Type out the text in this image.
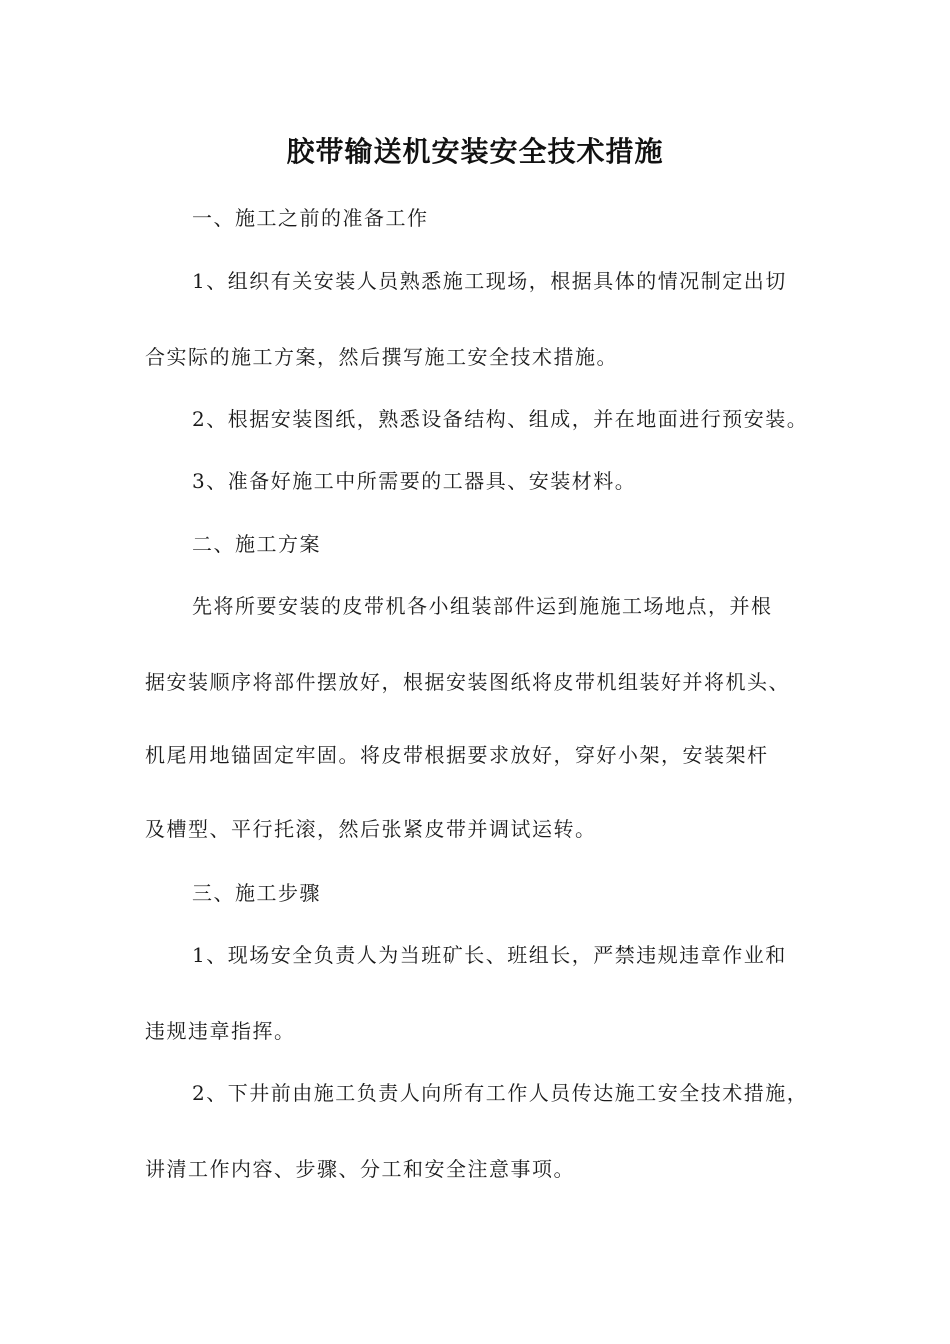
胶带输送机安装安全技术措施
一、施工之前的准备工作
1、组织有关安装人员熟悉施工现场，根据具体的情况制定出切
合实际的施工方案，然后撰写施工安全技术措施。
2、根据安装图纸，熟悉设备结构、组成，并在地面进行预安装。
3、准备好施工中所需要的工器具、安装材料。
二、施工方案
先将所要安装的皮带机各小组装部件运到施施工场地点，并根
据安装顺序将部件摆放好，根据安装图纸将皮带机组装好并将机头、
机尾用地锚固定牢固。将皮带根据要求放好，穿好小架，安装架杆
及槽型、平行托滚，然后张紧皮带并调试运转。
三、施工步骤
1、现场安全负责人为当班矿长、班组长，严禁违规违章作业和
违规违章指挥。
2、下井前由施工负责人向所有工作人员传达施工安全技术措施，
讲清工作内容、步骤、分工和安全注意事项。
